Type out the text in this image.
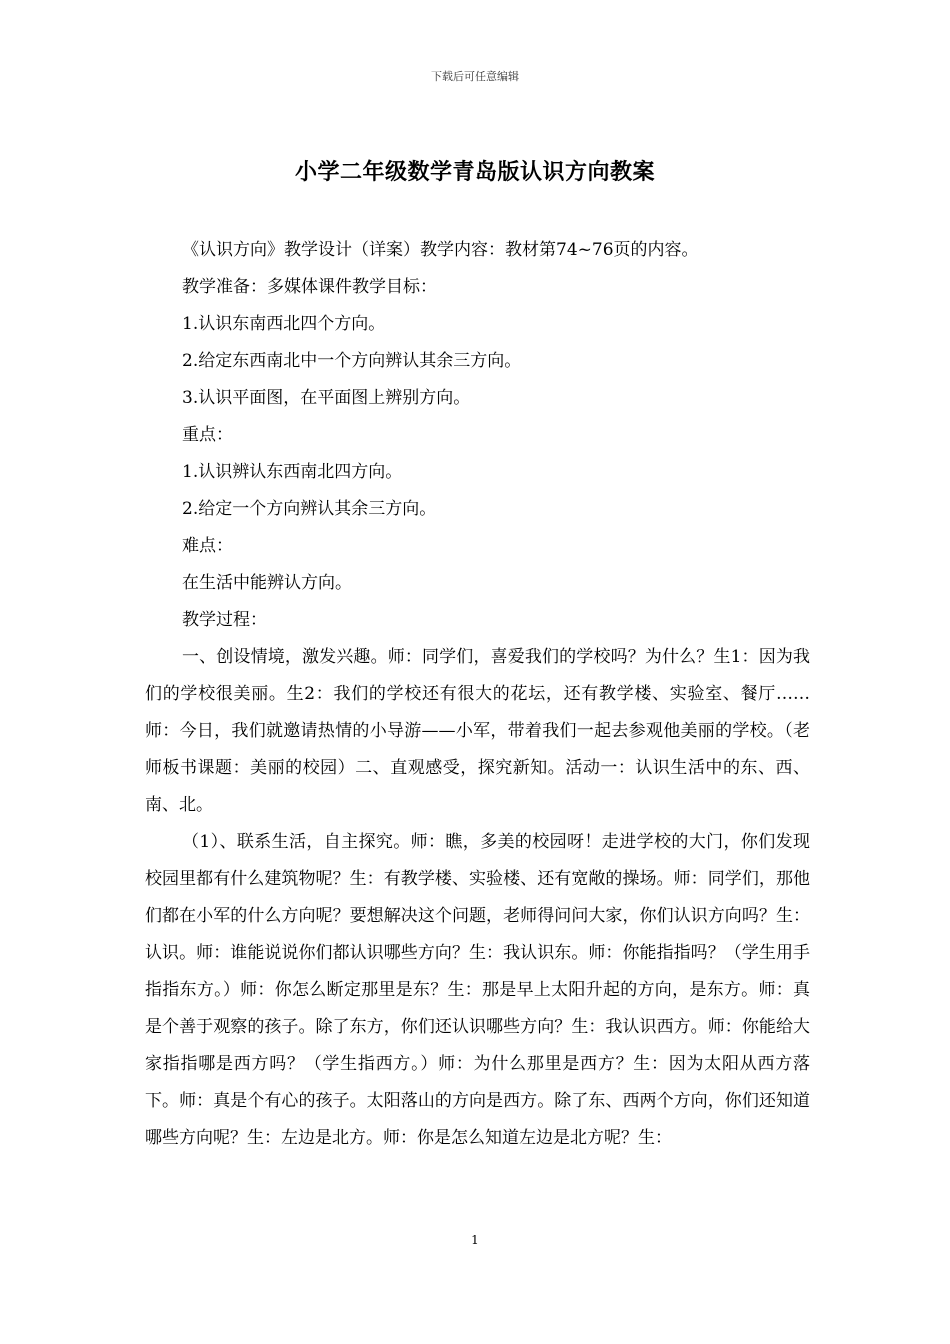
下载后可任意编辑
小学二年级数学青岛版认识方向教案

《认识方向》教学设计（详案）教学内容：教材第74~76页的内容。

教学准备：多媒体课件教学目标：

1.认识东南西北四个方向。

2.给定东西南北中一个方向辨认其余三方向。

3.认识平面图，在平面图上辨别方向。

重点：

1.认识辨认东西南北四方向。

2.给定一个方向辨认其余三方向。

难点：

在生活中能辨认方向。

教学过程：

一、创设情境，激发兴趣。师：同学们，喜爱我们的学校吗？为什么？生1：因为我们的学校很美丽。生2：我们的学校还有很大的花坛，还有教学楼、实验室、餐厅……师：今日，我们就邀请热情的小导游——小军，带着我们一起去参观他美丽的学校。（老师板书课题：美丽的校园）二、直观感受，探究新知。活动一：认识生活中的东、西、南、北。

（1）、联系生活，自主探究。师：瞧，多美的校园呀！走进学校的大门，你们发现校园里都有什么建筑物呢？生：有教学楼、实验楼、还有宽敞的操场。师：同学们，那他们都在小军的什么方向呢？要想解决这个问题，老师得问问大家，你们认识方向吗？生：认识。师：谁能说说你们都认识哪些方向？生：我认识东。师：你能指指吗？（学生用手指指东方。）师：你怎么断定那里是东？生：那是早上太阳升起的方向，是东方。师：真是个善于观察的孩子。除了东方，你们还认识哪些方向？生：我认识西方。师：你能给大家指指哪是西方吗？（学生指西方。）师：为什么那里是西方？生：因为太阳从西方落下。师：真是个有心的孩子。太阳落山的方向是西方。除了东、西两个方向，你们还知道哪些方向呢？生：左边是北方。师：你是怎么知道左边是北方呢？生：

1
